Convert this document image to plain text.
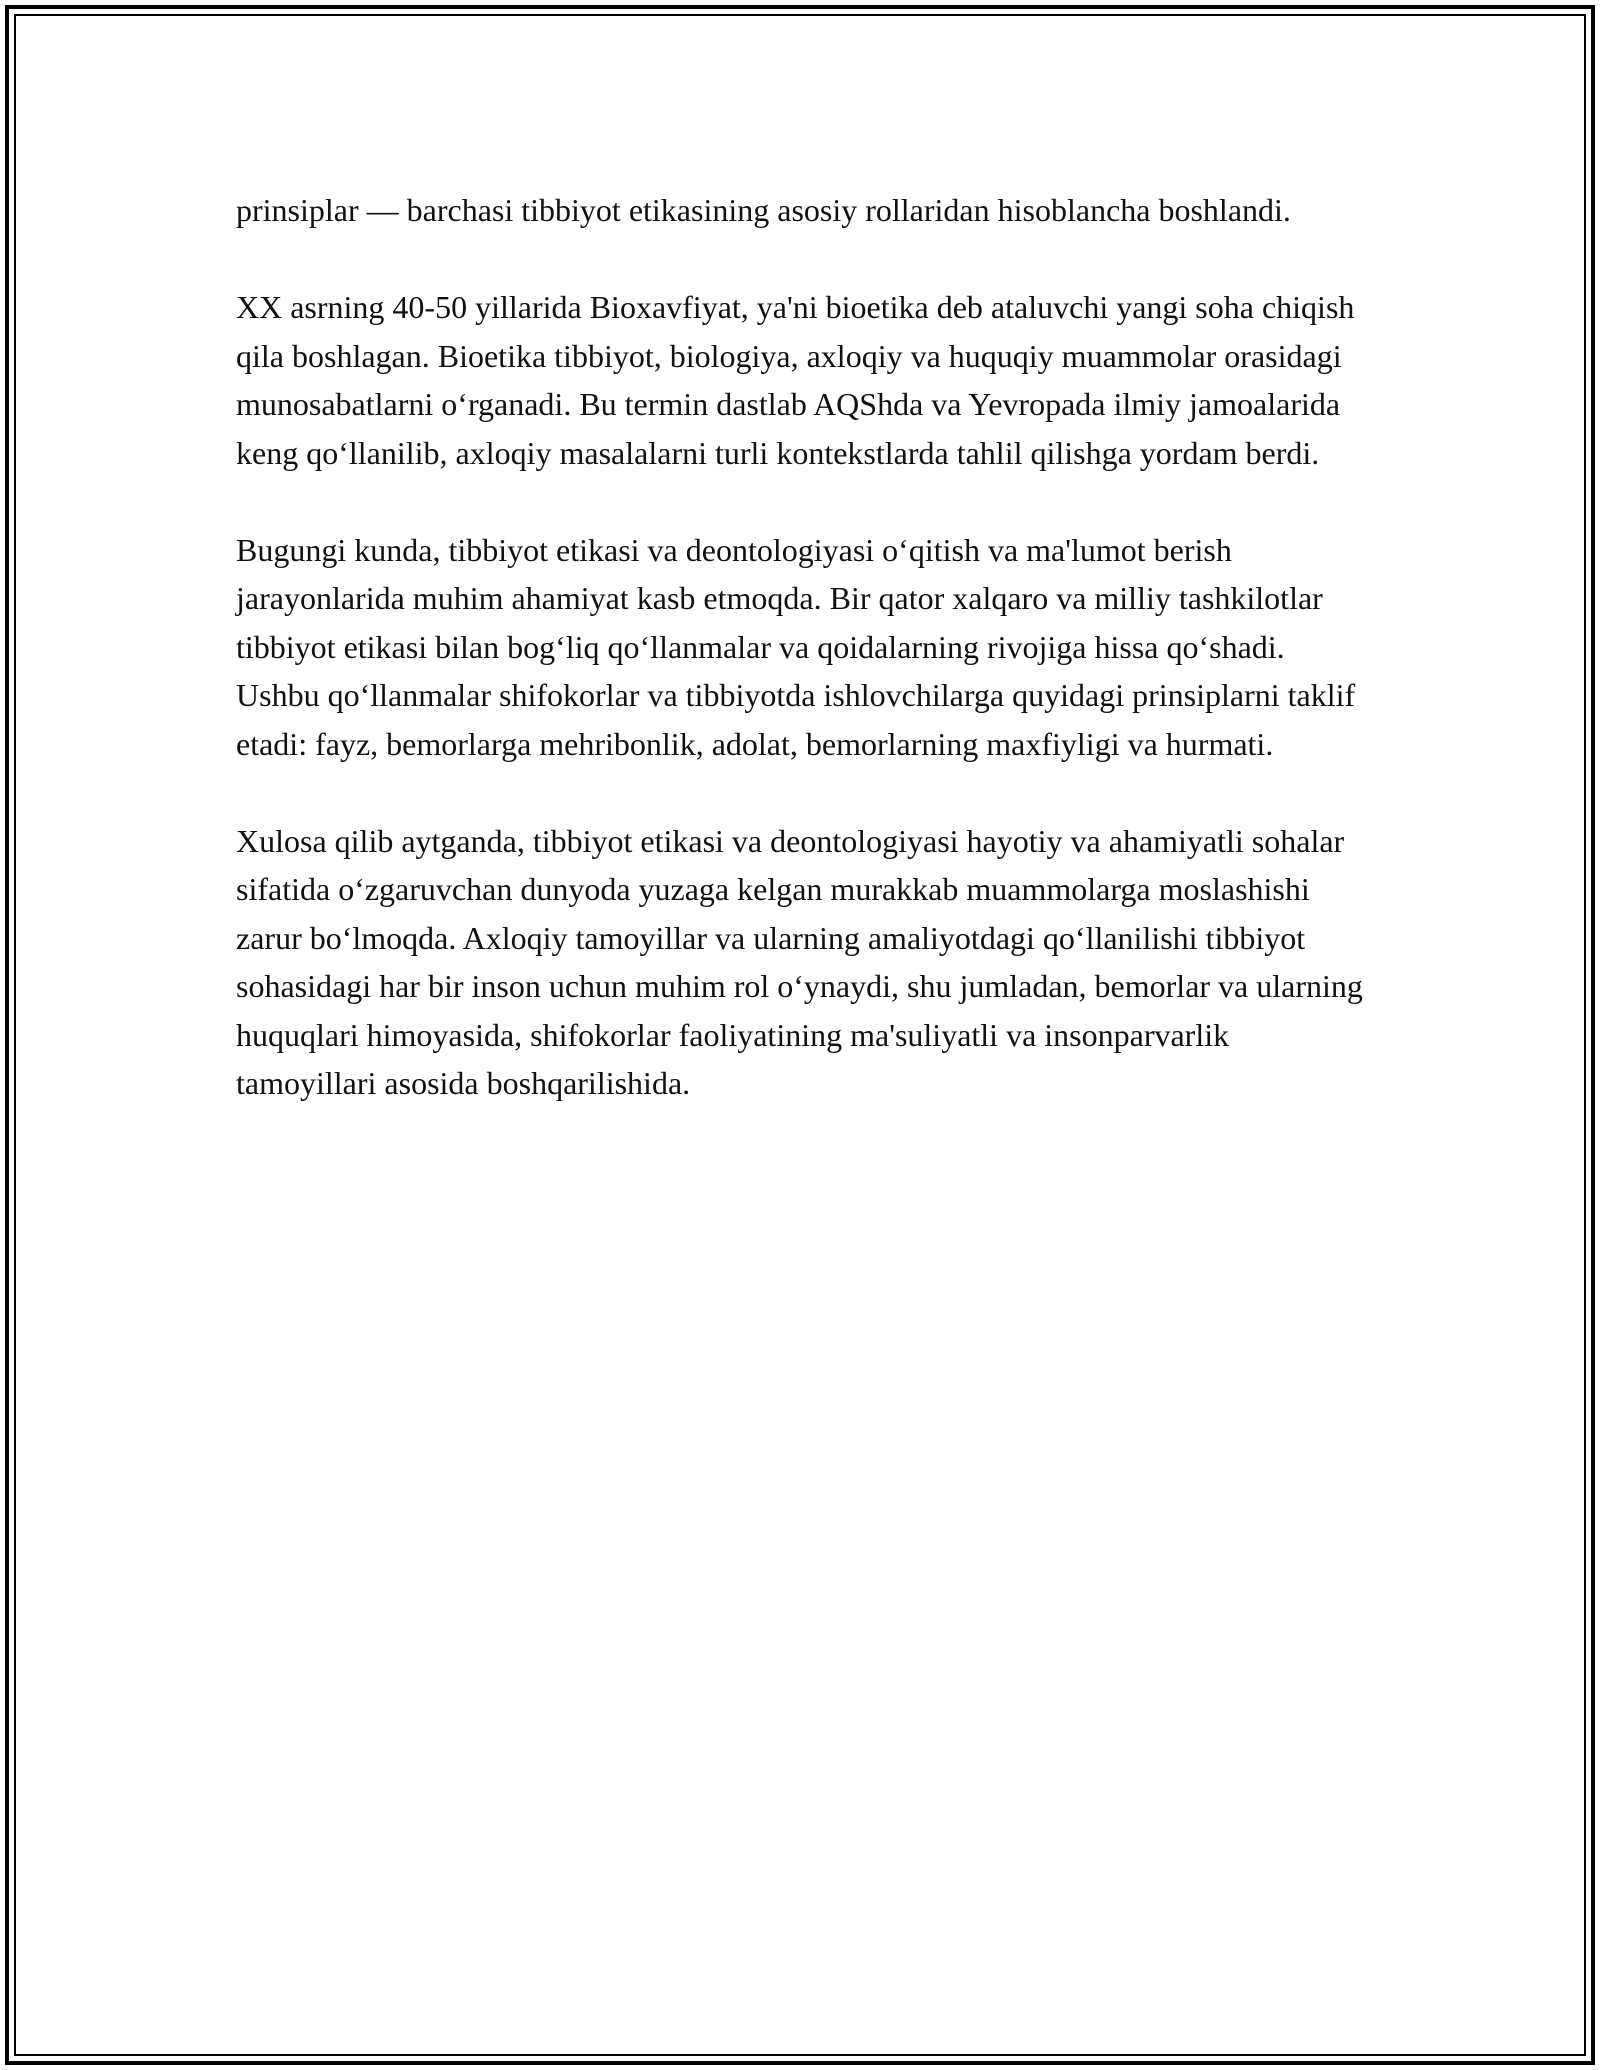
prinsiplar — barchasi tibbiyot etikasining asosiy rollaridan hisoblancha boshlandi.

XX asrning 40-50 yillarida Bioxavfiyat, ya'ni bioetika deb ataluvchi yangi soha chiqish qila boshlagan. Bioetika tibbiyot, biologiya, axloqiy va huquqiy muammolar orasidagi munosabatlarni oʻrganadi. Bu termin dastlab AQShda va Yevropada ilmiy jamoalarida keng qoʻllanilib, axloqiy masalalarni turli kontekstlarda tahlil qilishga yordam berdi.

Bugungi kunda, tibbiyot etikasi va deontologiyasi oʻqitish va ma'lumot berish jarayonlarida muhim ahamiyat kasb etmoqda. Bir qator xalqaro va milliy tashkilotlar tibbiyot etikasi bilan bogʻliq qoʻllanmalar va qoidalarning rivojiga hissa qoʻshadi. Ushbu qoʻllanmalar shifokorlar va tibbiyotda ishlovchilarga quyidagi prinsiplarni taklif etadi: fayz, bemorlarga mehribonlik, adolat, bemorlarning maxfiyligi va hurmati.

Xulosa qilib aytganda, tibbiyot etikasi va deontologiyasi hayotiy va ahamiyatli sohalar sifatida oʻzgaruvchan dunyoda yuzaga kelgan murakkab muammolarga moslashishi zarur boʻlmoqda. Axloqiy tamoyillar va ularning amaliyotdagi qoʻllanilishi tibbiyot sohasidagi har bir inson uchun muhim rol oʻynaydi, shu jumladan, bemorlar va ularning huquqlari himoyasida, shifokorlar faoliyatining ma'suliyatli va insonparvarlik tamoyillari asosida boshqarilishida.
